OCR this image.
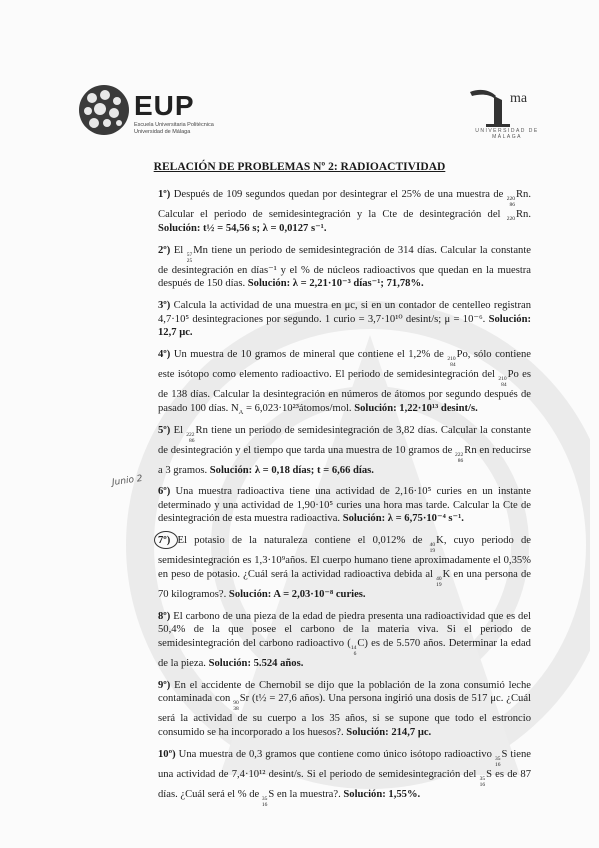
EUP
Escuela Universitaria Politécnica
Universidad de Málaga
ma
UNIVERSIDAD DE MÁLAGA
RELACIÓN DE PROBLEMAS Nº 2: RADIOACTIVIDAD
Junio 2

1º) Después de 109 segundos quedan por desintegrar el 25% de una muestra de 220
86
Rn. Calcular el periodo de semidesintegración y la Cte de desintegración del 220 Rn. Solución: t½ = 54,56 s; λ = 0,0127 s⁻¹.

2º) El 57
25
Mn tiene un periodo de semidesintegración de 314 días. Calcular la constante de desintegración en días⁻¹ y el % de núcleos radioactivos que quedan en la muestra después de 150 días. Solución: λ = 2,21·10⁻³ días⁻¹; 71,78%.

3º) Calcula la actividad de una muestra en μc, si en un contador de centelleo registran 4,7·10⁵ desintegraciones por segundo. 1 curio = 3,7·10¹⁰ desint/s; μ = 10⁻⁶. Solución: 12,7 μc.

4º) Un muestra de 10 gramos de mineral que contiene el 1,2% de 210
84
Po, sólo contiene este isótopo como elemento radioactivo. El periodo de semidesintegración del 210
84
Po es de 138 días. Calcular la desintegración en números de átomos por segundo después de pasado 100 días. $N_A$ = 6,023·10²³átomos/mol. Solución: 1,22·10¹³ desint/s.

5º) El 222
86
Rn tiene un periodo de semidesintegración de 3,82 días. Calcular la constante de desintegración y el tiempo que tarda una muestra de 10 gramos de 222
86
Rn en reducirse a 3 gramos. Solución: λ = 0,18 días; t = 6,66 días.

6º) Una muestra radioactiva tiene una actividad de 2,16·10⁵ curies en un instante determinado y una actividad de 1,90·10⁵ curies una hora mas tarde. Calcular la Cte de desintegración de esta muestra radioactiva. Solución: λ = 6,75·10⁻⁴ s⁻¹.

7º) El potasio de la naturaleza contiene el 0,012% de 40
19
K, cuyo periodo de semidesintegración es 1,3·10⁹años. El cuerpo humano tiene aproximadamente el 0,35% en peso de potasio. ¿Cuál será la actividad radioactiva debida al 40
19
K en una persona de 70 kilogramos?. Solución: A = 2,03·10⁻⁸ curies.

8º) El carbono de una pieza de la edad de piedra presenta una radioactividad que es del 50,4% de la que posee el carbono de la materia viva. Si el periodo de semidesintegración del carbono radioactivo ( 14
6
C) es de 5.570 años. Determinar la edad de la pieza. Solución: 5.524 años.

9º) En el accidente de Chernobil se dijo que la población de la zona consumió leche contaminada con 90
38
Sr (t½ = 27,6 años). Una persona ingirió una dosis de 517 μc. ¿Cuál será la actividad de su cuerpo a los 35 años, si se supone que todo el estroncio consumido se ha incorporado a los huesos?. Solución: 214,7 μc.

10º) Una muestra de 0,3 gramos que contiene como único isótopo radioactivo 35
16
S tiene una actividad de 7,4·10¹² desint/s. Si el periodo de semidesintegración del 35
16
S es de 87 días. ¿Cuál será el % de 35
16
S en la muestra?. Solución: 1,55%.
